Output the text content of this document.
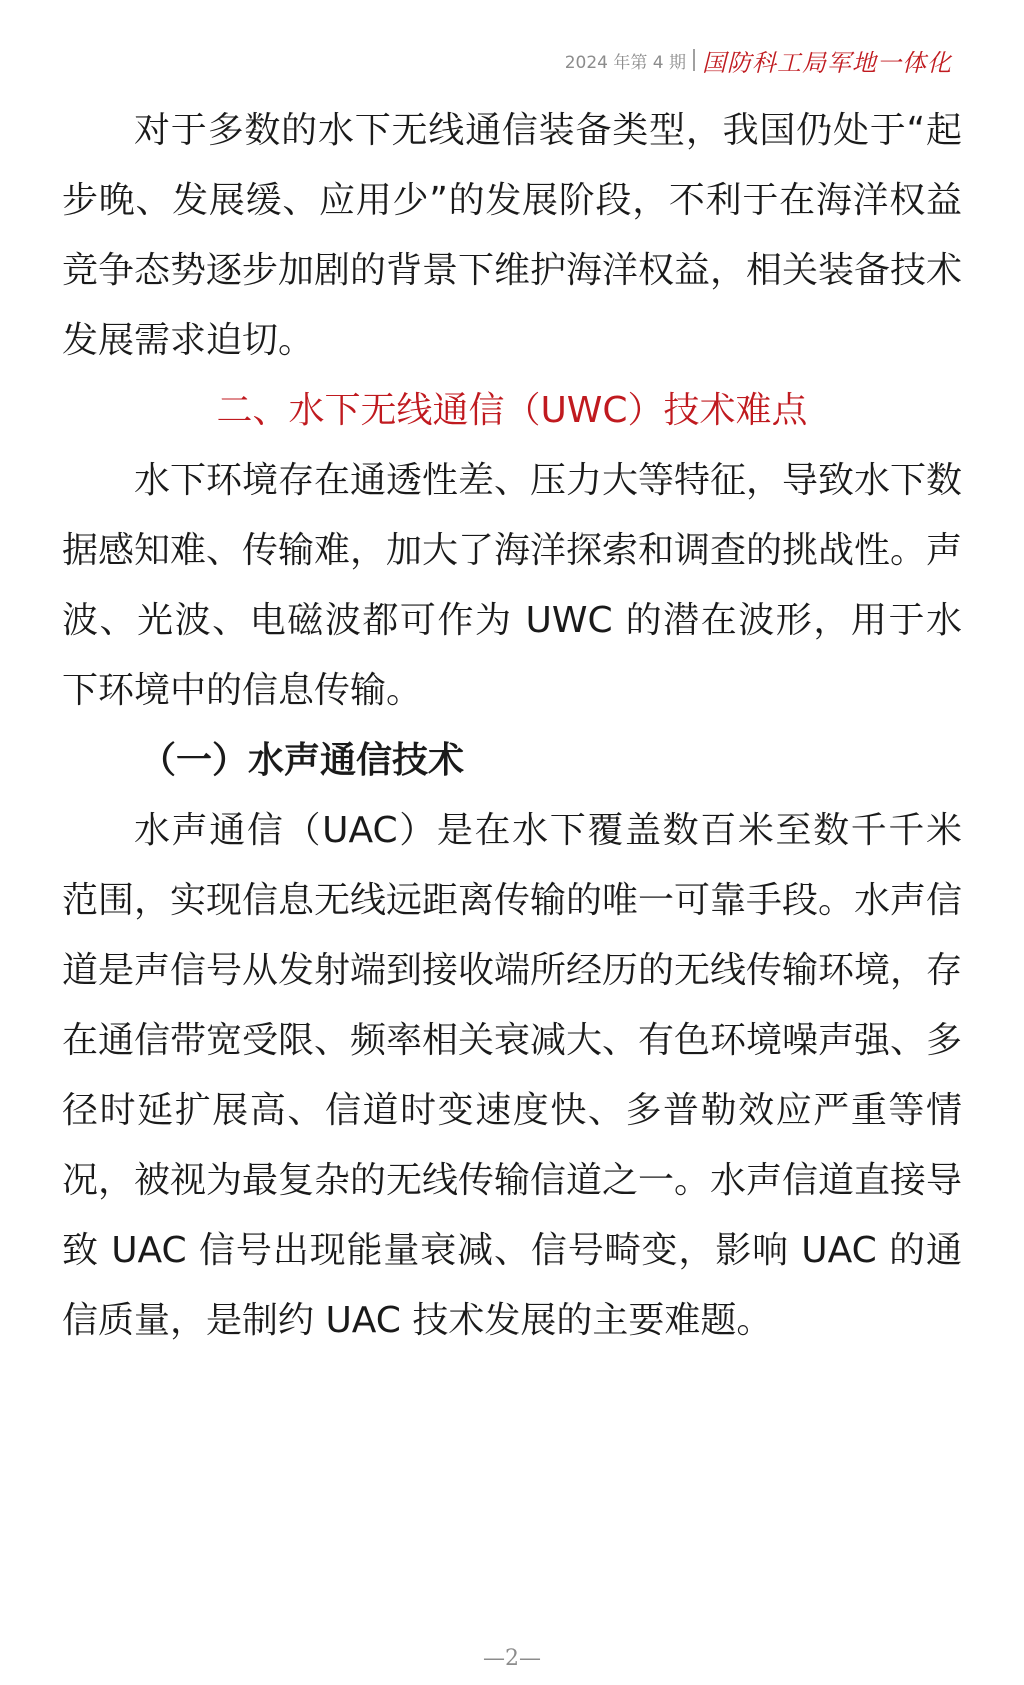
2024 年第 4 期 国防科工局军地一体化

对于多数的水下无线通信装备类型，我国仍处于“起步晚、发展缓、应用少”的发展阶段，不利于在海洋权益竞争态势逐步加剧的背景下维护海洋权益，相关装备技术发展需求迫切。

二、水下无线通信（UWC）技术难点

水下环境存在通透性差、压力大等特征，导致水下数据感知难、传输难，加大了海洋探索和调查的挑战性。声波、光波、电磁波都可作为 UWC 的潜在波形，用于水下环境中的信息传输。

（一）水声通信技术

水声通信（UAC）是在水下覆盖数百米至数千千米范围，实现信息无线远距离传输的唯一可靠手段。水声信道是声信号从发射端到接收端所经历的无线传输环境，存在通信带宽受限、频率相关衰减大、有色环境噪声强、多径时延扩展高、信道时变速度快、多普勒效应严重等情况，被视为最复杂的无线传输信道之一。水声信道直接导致 UAC 信号出现能量衰减、信号畸变，影响 UAC 的通信质量，是制约 UAC 技术发展的主要难题。

—2—
